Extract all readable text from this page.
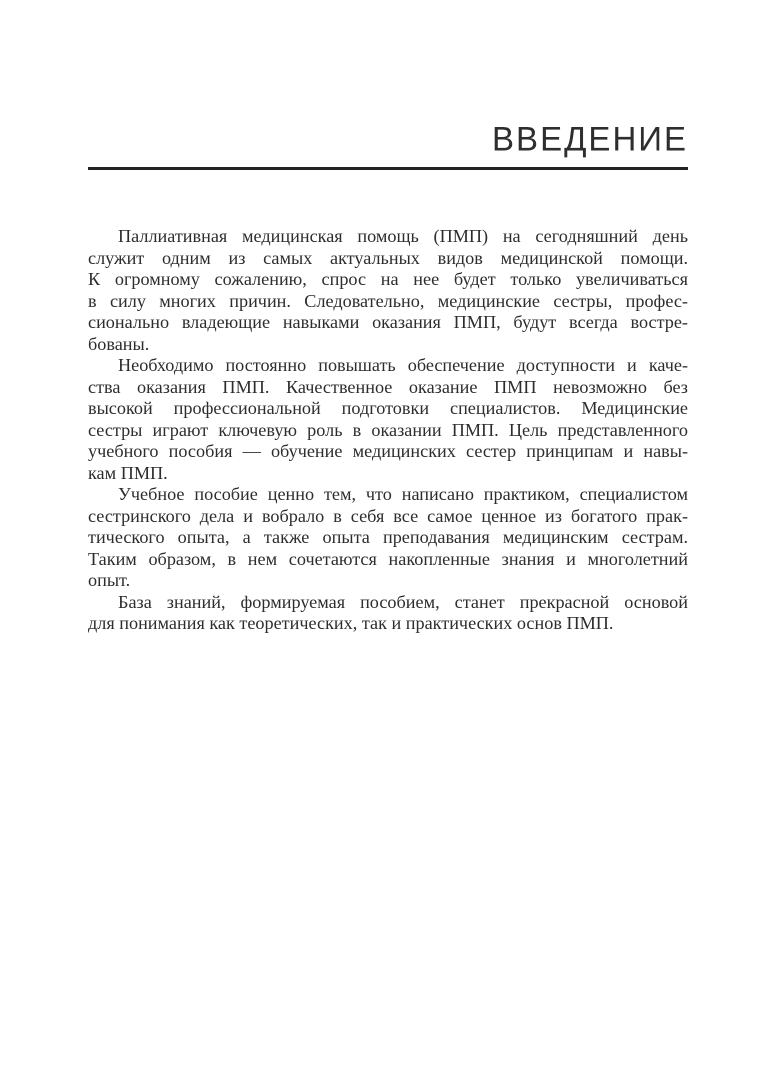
ВВЕДЕНИЕ
Паллиативная медицинская помощь (ПМП) на сегодняшний день
служит одним из самых актуальных видов медицинской помощи.
К огромному сожалению, спрос на нее будет только увеличиваться
в силу многих причин. Следовательно, медицинские сестры, профес-
сионально владеющие навыками оказания ПМП, будут всегда востре-
бованы.
Необходимо постоянно повышать обеспечение доступности и каче-
ства оказания ПМП. Качественное оказание ПМП невозможно без
высокой профессиональной подготовки специалистов. Медицинские
сестры играют ключевую роль в оказании ПМП. Цель представленного
учебного пособия — обучение медицинских сестер принципам и навы-
кам ПМП.
Учебное пособие ценно тем, что написано практиком, специалистом
сестринского дела и вобрало в себя все самое ценное из богатого прак-
тического опыта, а также опыта преподавания медицинским сестрам.
Таким образом, в нем сочетаются накопленные знания и многолетний
опыт.
База знаний, формируемая пособием, станет прекрасной основой
для понимания как теоретических, так и практических основ ПМП.
